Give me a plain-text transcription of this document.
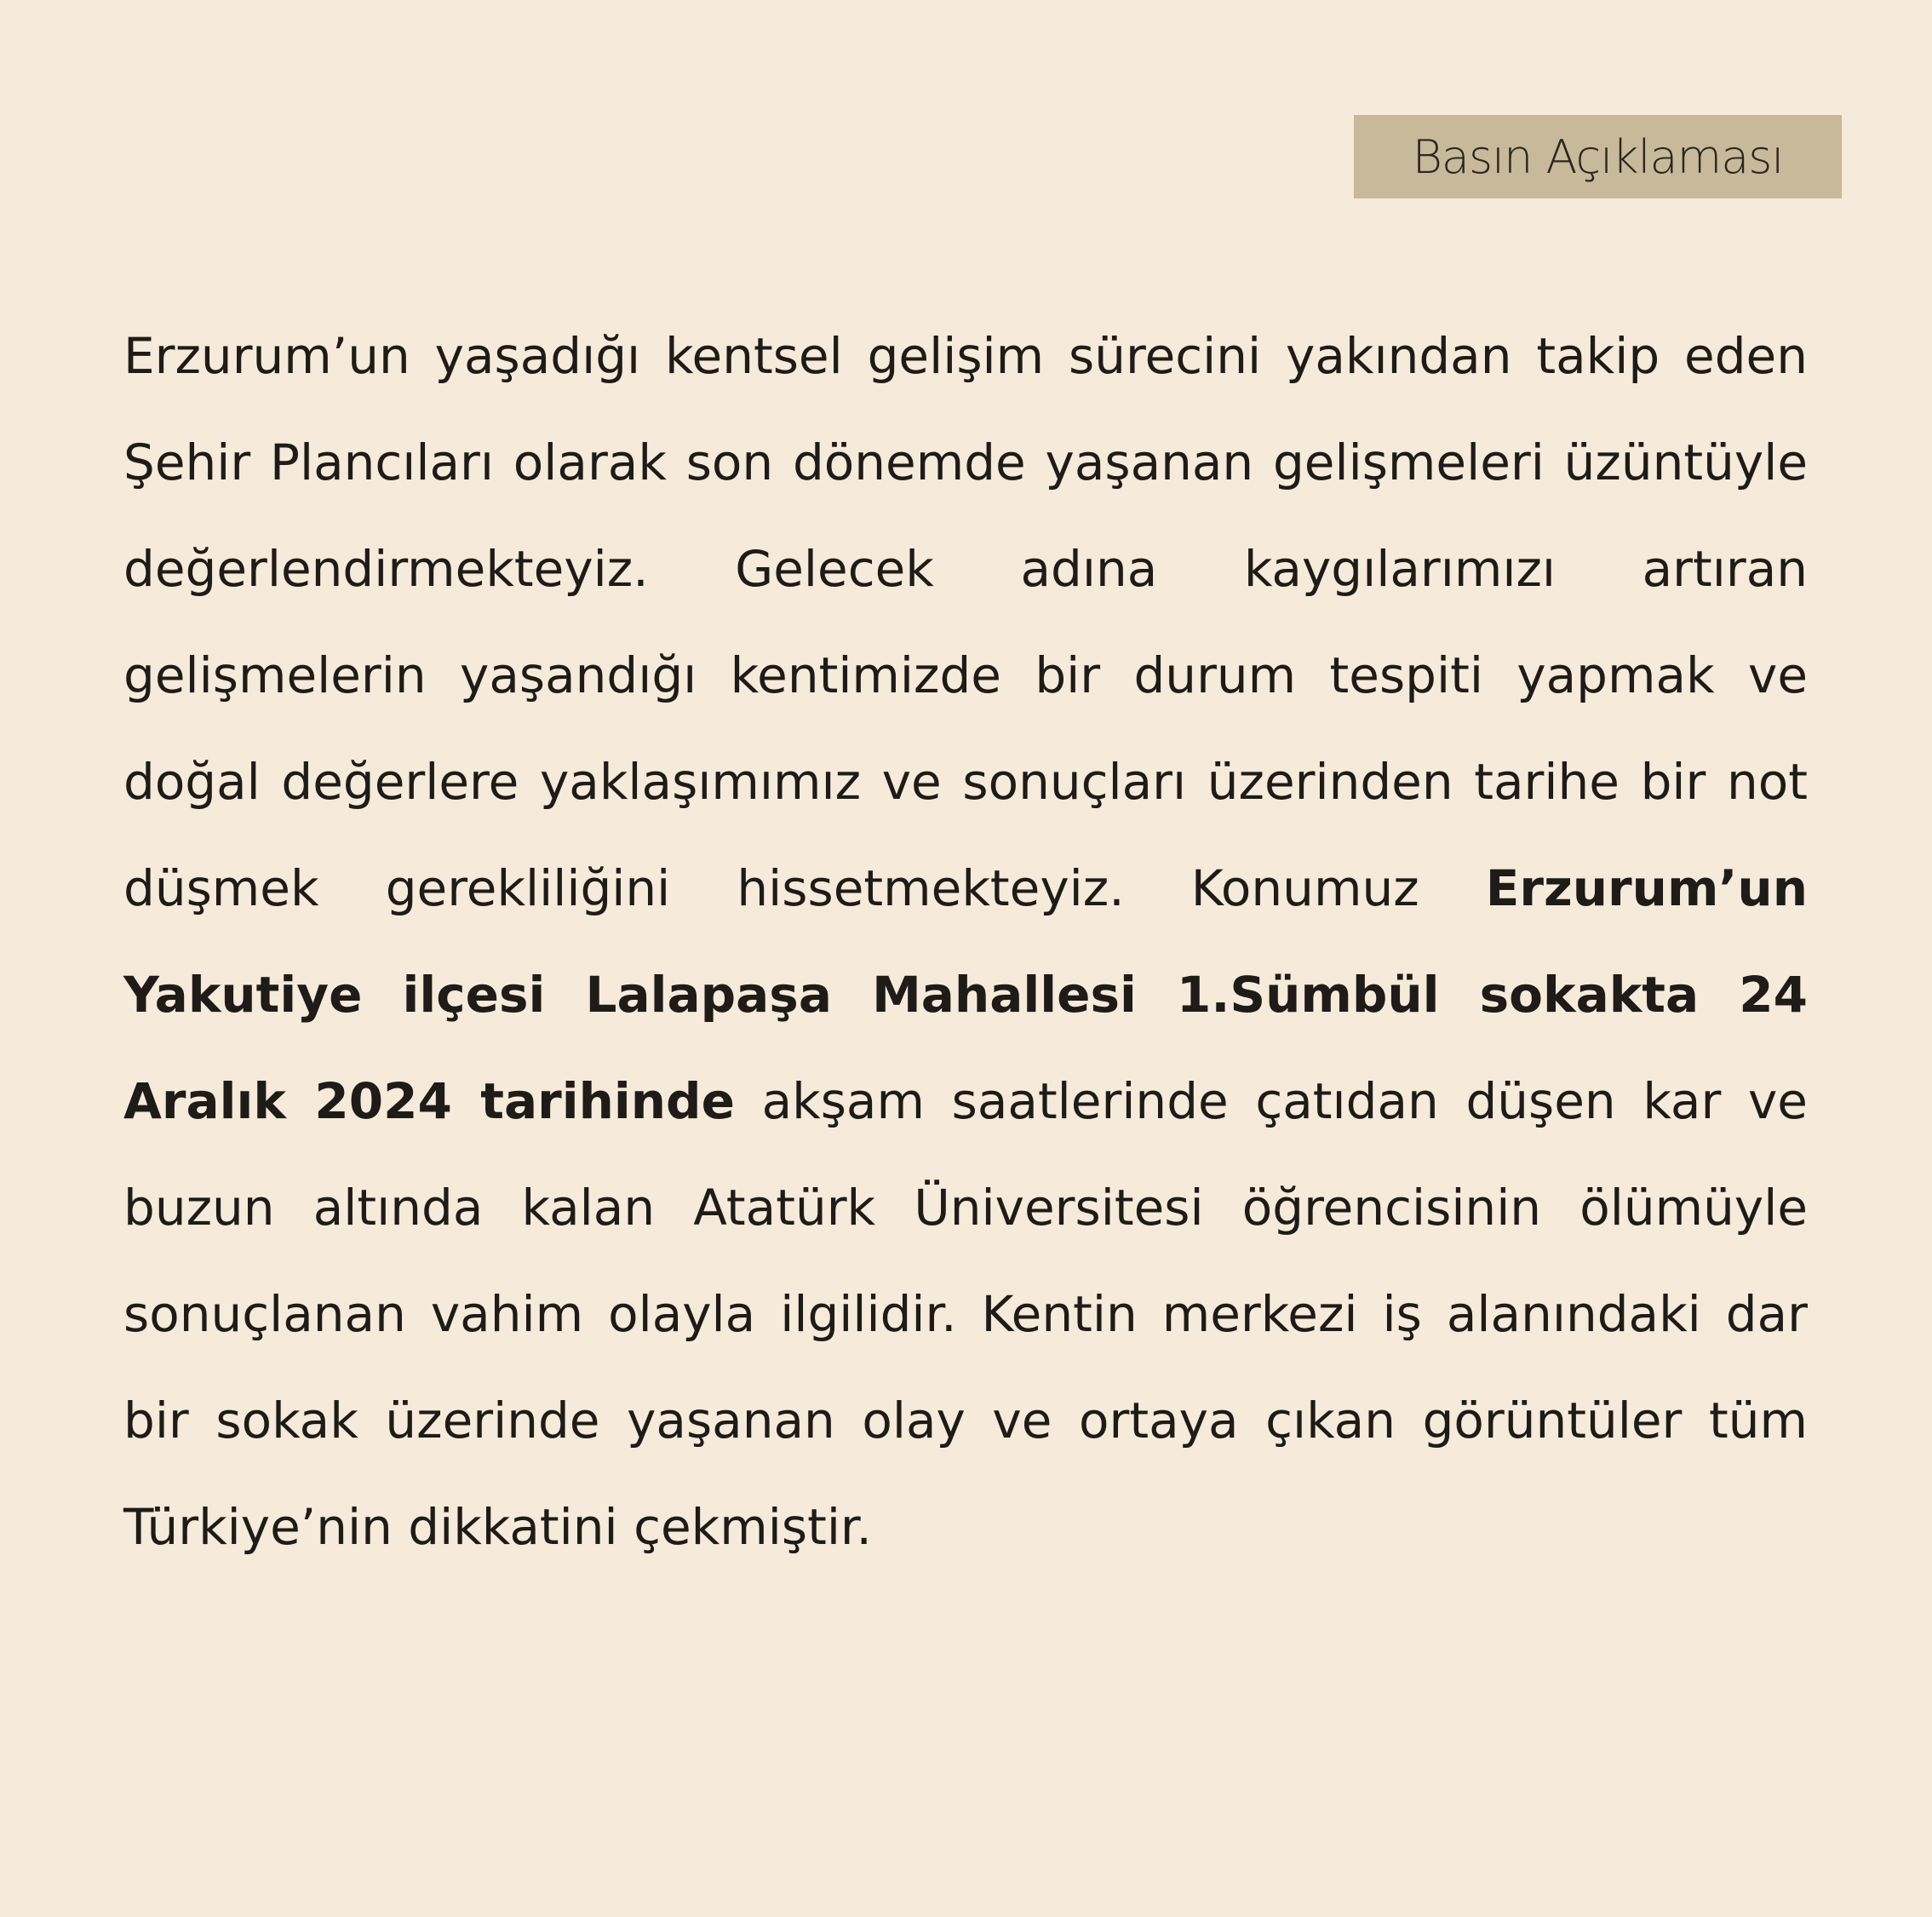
Basın Açıklaması

Erzurum’un yaşadığı kentsel gelişim sürecini yakından takip eden Şehir Plancıları olarak son dönemde yaşanan gelişmeleri üzüntüyle değerlendirmekteyiz. Gelecek adına kaygılarımızı artıran gelişmelerin yaşandığı kentimizde bir durum tespiti yapmak ve doğal değerlere yaklaşımımız ve sonuçları üzerinden tarihe bir not düşmek gerekliliğini hissetmekteyiz. Konumuz Erzurum’un Yakutiye ilçesi Lalapaşa Mahallesi 1.Sümbül sokakta 24 Aralık 2024 tarihinde akşam saatlerinde çatıdan düşen kar ve buzun altında kalan Atatürk Üniversitesi öğrencisinin ölümüyle sonuçlanan vahim olayla ilgilidir. Kentin merkezi iş alanındaki dar bir sokak üzerinde yaşanan olay ve ortaya çıkan görüntüler tüm Türkiye’nin dikkatini çekmiştir.
